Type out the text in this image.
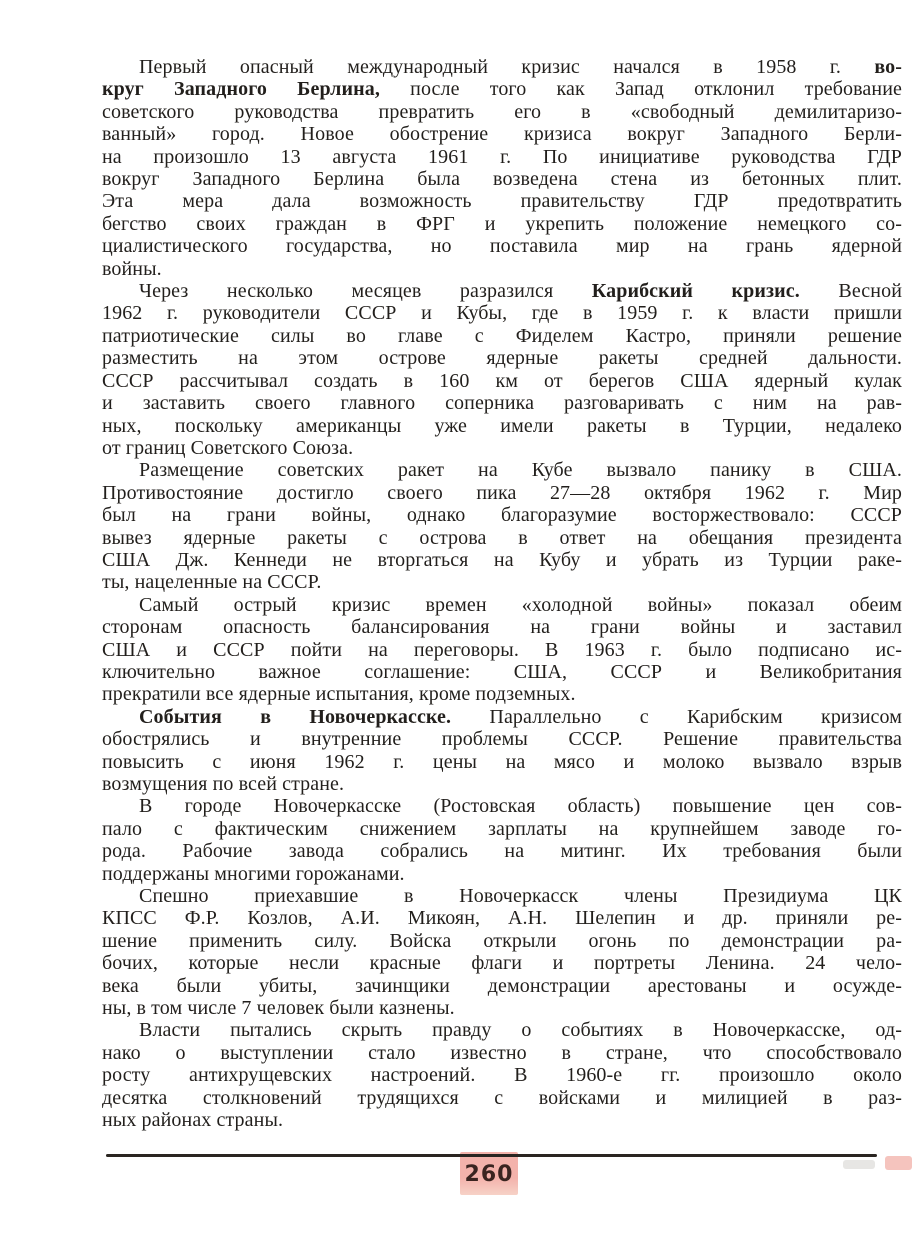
Первый опасный международный кризис начался в 1958 г. во-
круг Западного Берлина, после того как Запад отклонил требование
советского руководства превратить его в «свободный демилитаризо-
ванный» город. Новое обострение кризиса вокруг Западного Берли-
на произошло 13 августа 1961 г. По инициативе руководства ГДР
вокруг Западного Берлина была возведена стена из бетонных плит.
Эта мера дала возможность правительству ГДР предотвратить
бегство своих граждан в ФРГ и укрепить положение немецкого со-
циалистического государства, но поставила мир на грань ядерной
войны.
Через несколько месяцев разразился Карибский кризис. Весной
1962 г. руководители СССР и Кубы, где в 1959 г. к власти пришли
патриотические силы во главе с Фиделем Кастро, приняли решение
разместить на этом острове ядерные ракеты средней дальности.
СССР рассчитывал создать в 160 км от берегов США ядерный кулак
и заставить своего главного соперника разговаривать с ним на рав-
ных, поскольку американцы уже имели ракеты в Турции, недалеко
от границ Советского Союза.
Размещение советских ракет на Кубе вызвало панику в США.
Противостояние достигло своего пика 27—28 октября 1962 г. Мир
был на грани войны, однако благоразумие восторжествовало: СССР
вывез ядерные ракеты с острова в ответ на обещания президента
США Дж. Кеннеди не вторгаться на Кубу и убрать из Турции раке-
ты, нацеленные на СССР.
Самый острый кризис времен «холодной войны» показал обеим
сторонам опасность балансирования на грани войны и заставил
США и СССР пойти на переговоры. В 1963 г. было подписано ис-
ключительно важное соглашение: США, СССР и Великобритания
прекратили все ядерные испытания, кроме подземных.
События в Новочеркасске. Параллельно с Карибским кризисом
обострялись и внутренние проблемы СССР. Решение правительства
повысить с июня 1962 г. цены на мясо и молоко вызвало взрыв
возмущения по всей стране.
В городе Новочеркасске (Ростовская область) повышение цен сов-
пало с фактическим снижением зарплаты на крупнейшем заводе го-
рода. Рабочие завода собрались на митинг. Их требования были
поддержаны многими горожанами.
Спешно приехавшие в Новочеркасск члены Президиума ЦК
КПСС Ф.Р. Козлов, А.И. Микоян, А.Н. Шелепин и др. приняли ре-
шение применить силу. Войска открыли огонь по демонстрации ра-
бочих, которые несли красные флаги и портреты Ленина. 24 чело-
века были убиты, зачинщики демонстрации арестованы и осужде-
ны, в том числе 7 человек были казнены.
Власти пытались скрыть правду о событиях в Новочеркасске, од-
нако о выступлении стало известно в стране, что способствовало
росту антихрущевских настроений. В 1960-е гг. произошло около
десятка столкновений трудящихся с войсками и милицией в раз-
ных районах страны.
260
